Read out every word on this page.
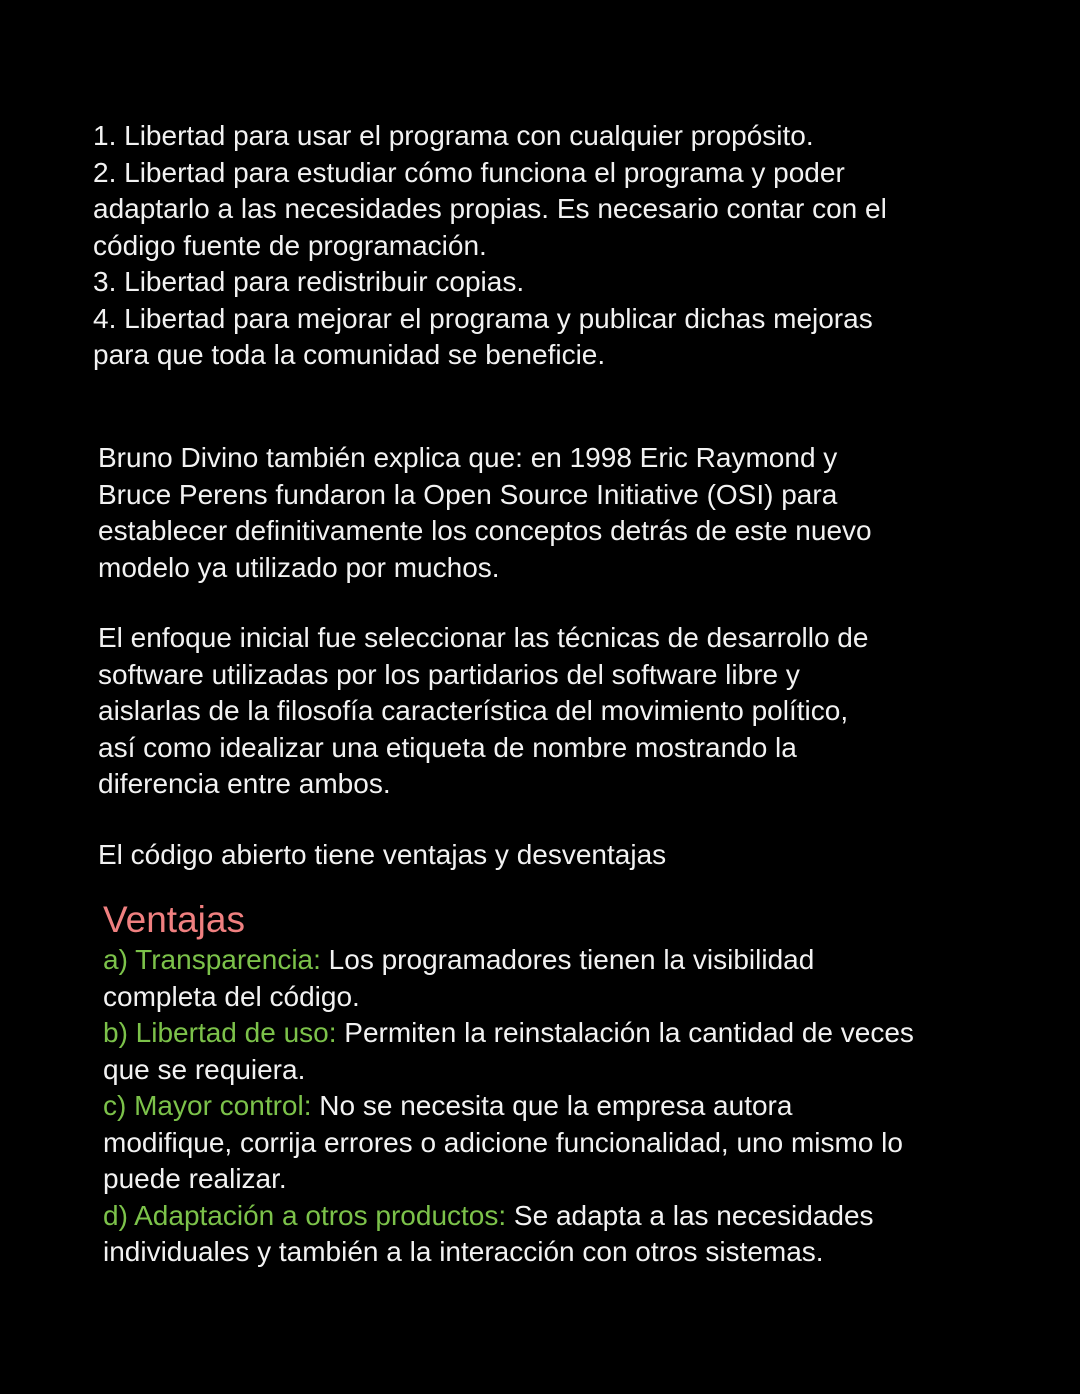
1. Libertad para usar el programa con cualquier propósito.
2. Libertad para estudiar cómo funciona el programa y poder
adaptarlo a las necesidades propias. Es necesario contar con el
código fuente de programación.
3. Libertad para redistribuir copias.
4. Libertad para mejorar el programa y publicar dichas mejoras
para que toda la comunidad se beneficie.
Bruno Divino también explica que: en 1998 Eric Raymond y
Bruce Perens fundaron la Open Source Initiative (OSI) para
establecer definitivamente los conceptos detrás de este nuevo
modelo ya utilizado por muchos.
El enfoque inicial fue seleccionar las técnicas de desarrollo de
software utilizadas por los partidarios del software libre y
aislarlas de la filosofía característica del movimiento político,
así como idealizar una etiqueta de nombre mostrando la
diferencia entre ambos.
El código abierto tiene ventajas y desventajas
Ventajas
a) Transparencia: Los programadores tienen la visibilidad
completa del código.
b) Libertad de uso: Permiten la reinstalación la cantidad de veces
que se requiera.
c) Mayor control: No se necesita que la empresa autora
modifique, corrija errores o adicione funcionalidad, uno mismo lo
puede realizar.
d) Adaptación a otros productos: Se adapta a las necesidades
individuales y también a la interacción con otros sistemas.
